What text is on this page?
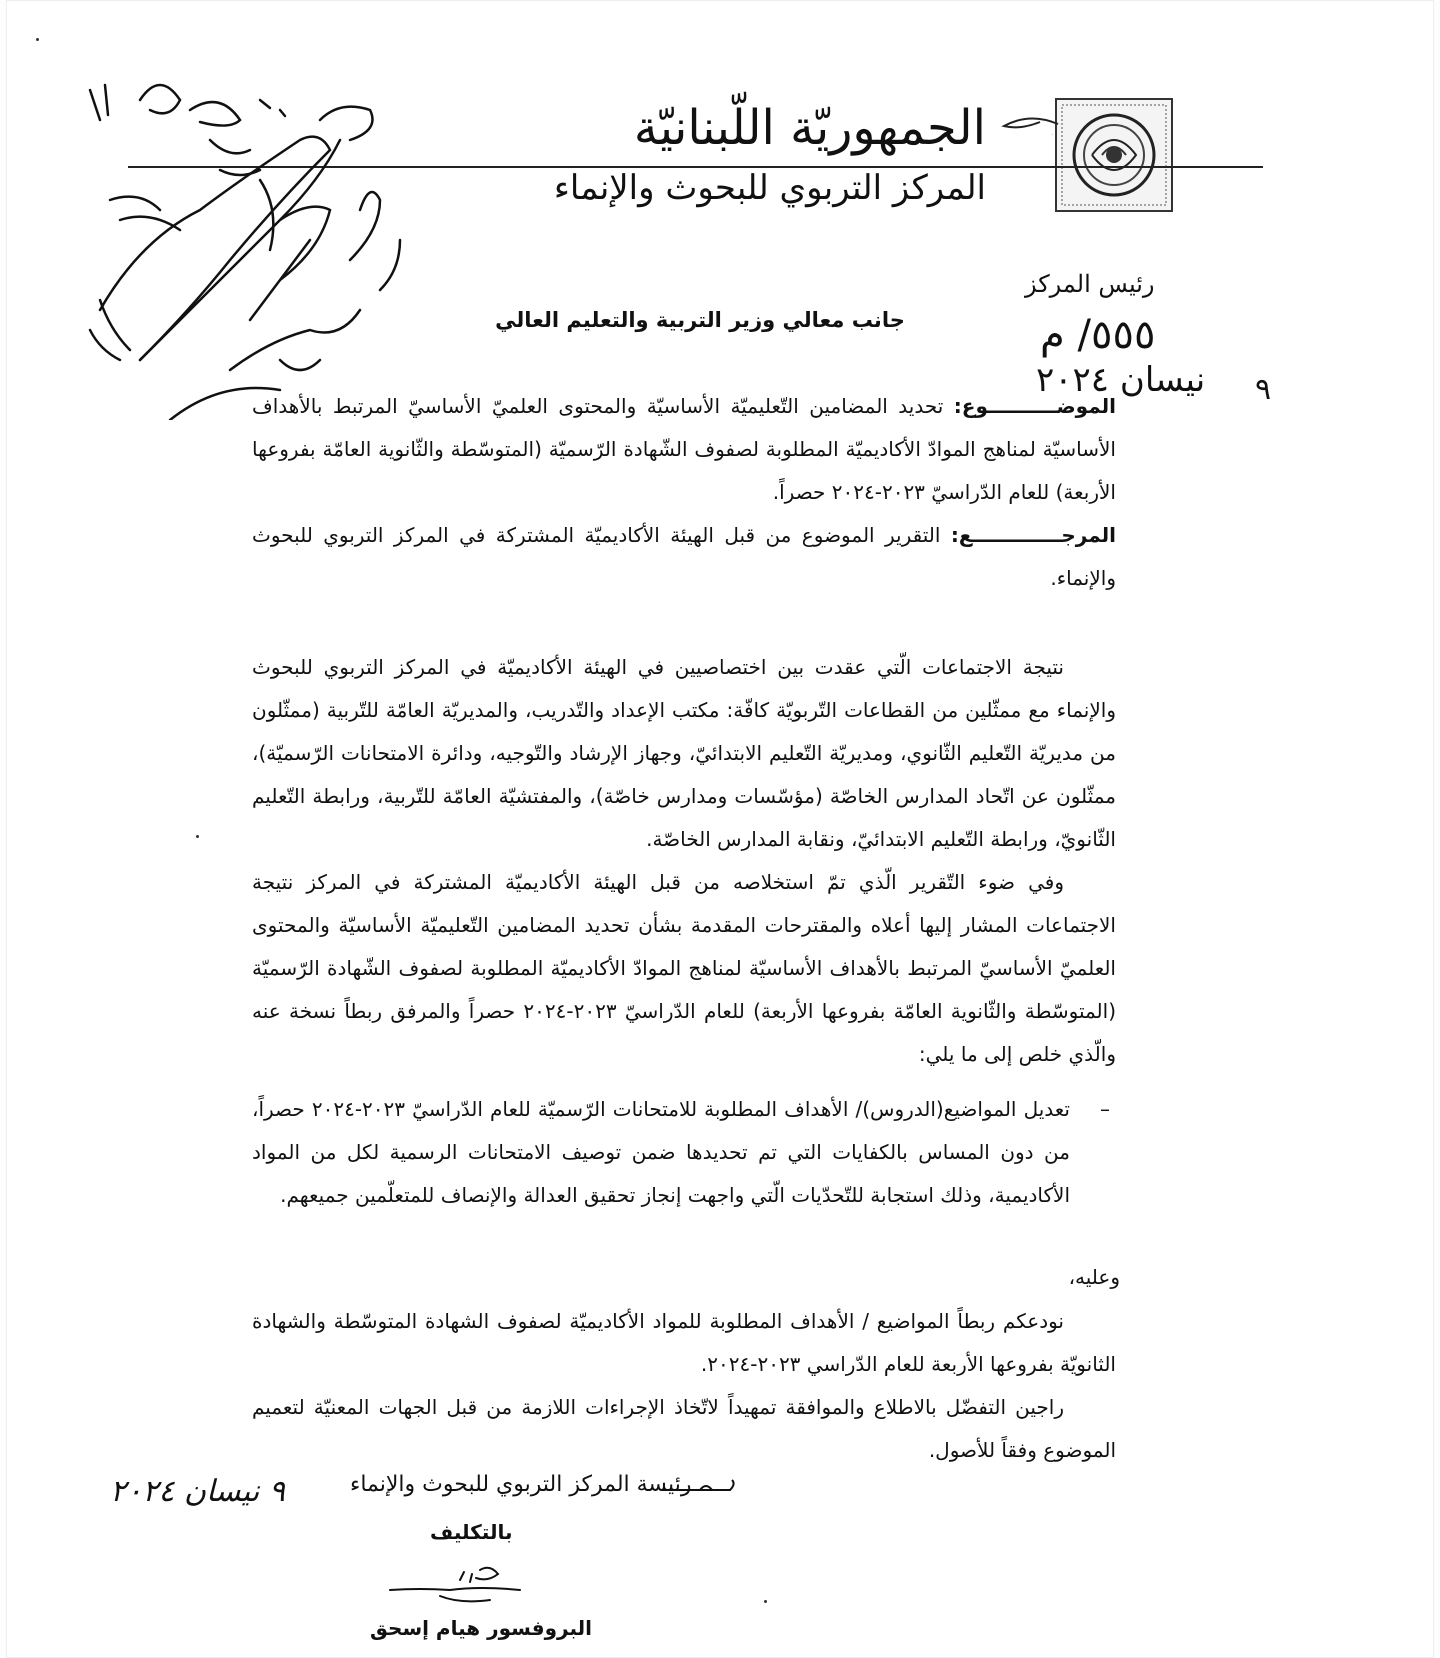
الجمهوريّة اللّبنانيّة
المركز التربوي للبحوث والإنماء
رئيس المركز
٥٥٥/ م
نيسان ٢٠٢٤ ٩
جانب معالي وزير التربية والتعليم العالي
الموضــــــــــوع: تحديد المضامين التّعليميّة الأساسيّة والمحتوى العلميّ الأساسيّ المرتبط بالأهداف الأساسيّة لمناهج الموادّ الأكاديميّة المطلوبة لصفوف الشّهادة الرّسميّة (المتوسّطة والثّانوية العامّة بفروعها الأربعة) للعام الدّراسيّ ٢٠٢٣-٢٠٢٤ حصراً.
المرجـــــــــــــع: التقرير الموضوع من قبل الهيئة الأكاديميّة المشتركة في المركز التربوي للبحوث والإنماء.
نتيجة الاجتماعات الّتي عقدت بين اختصاصيين في الهيئة الأكاديميّة في المركز التربوي للبحوث والإنماء مع ممثّلين من القطاعات التّربويّة كافّة: مكتب الإعداد والتّدريب، والمديريّة العامّة للتّربية (ممثّلون من مديريّة التّعليم الثّانوي، ومديريّة التّعليم الابتدائيّ، وجهاز الإرشاد والتّوجيه، ودائرة الامتحانات الرّسميّة)، ممثّلون عن اتّحاد المدارس الخاصّة (مؤسّسات ومدارس خاصّة)، والمفتشيّة العامّة للتّربية، ورابطة التّعليم الثّانويّ، ورابطة التّعليم الابتدائيّ، ونقابة المدارس الخاصّة.
وفي ضوء التّقرير الّذي تمّ استخلاصه من قبل الهيئة الأكاديميّة المشتركة في المركز نتيجة الاجتماعات المشار إليها أعلاه والمقترحات المقدمة بشأن تحديد المضامين التّعليميّة الأساسيّة والمحتوى العلميّ الأساسيّ المرتبط بالأهداف الأساسيّة لمناهج الموادّ الأكاديميّة المطلوبة لصفوف الشّهادة الرّسميّة (المتوسّطة والثّانوية العامّة بفروعها الأربعة) للعام الدّراسيّ ٢٠٢٣-٢٠٢٤ حصراً والمرفق ربطاً نسخة عنه والّذي خلص إلى ما يلي:
–
تعديل المواضيع(الدروس)/ الأهداف المطلوبة للامتحانات الرّسميّة للعام الدّراسيّ ٢٠٢٣-٢٠٢٤ حصراً، من دون المساس بالكفايات التي تم تحديدها ضمن توصيف الامتحانات الرسمية لكل من المواد الأكاديمية، وذلك استجابة للتّحدّيات الّتي واجهت إنجاز تحقيق العدالة والإنصاف للمتعلّمين جميعهم.
وعليه،
نودعكم ربطاً المواضيع / الأهداف المطلوبة للمواد الأكاديميّة لصفوف الشهادة المتوسّطة والشهادة الثانويّة بفروعها الأربعة للعام الدّراسي ٢٠٢٣-٢٠٢٤.
راجين التفضّل بالاطلاع والموافقة تمهيداً لاتّخاذ الإجراءات اللازمة من قبل الجهات المعنيّة لتعميم الموضوع وفقاً للأصول.
رئيسة المركز التربوي للبحوث والإنماء
٩ نيسان ٢٠٢٤
بالتكليف
البروفسور هيام إسحق
